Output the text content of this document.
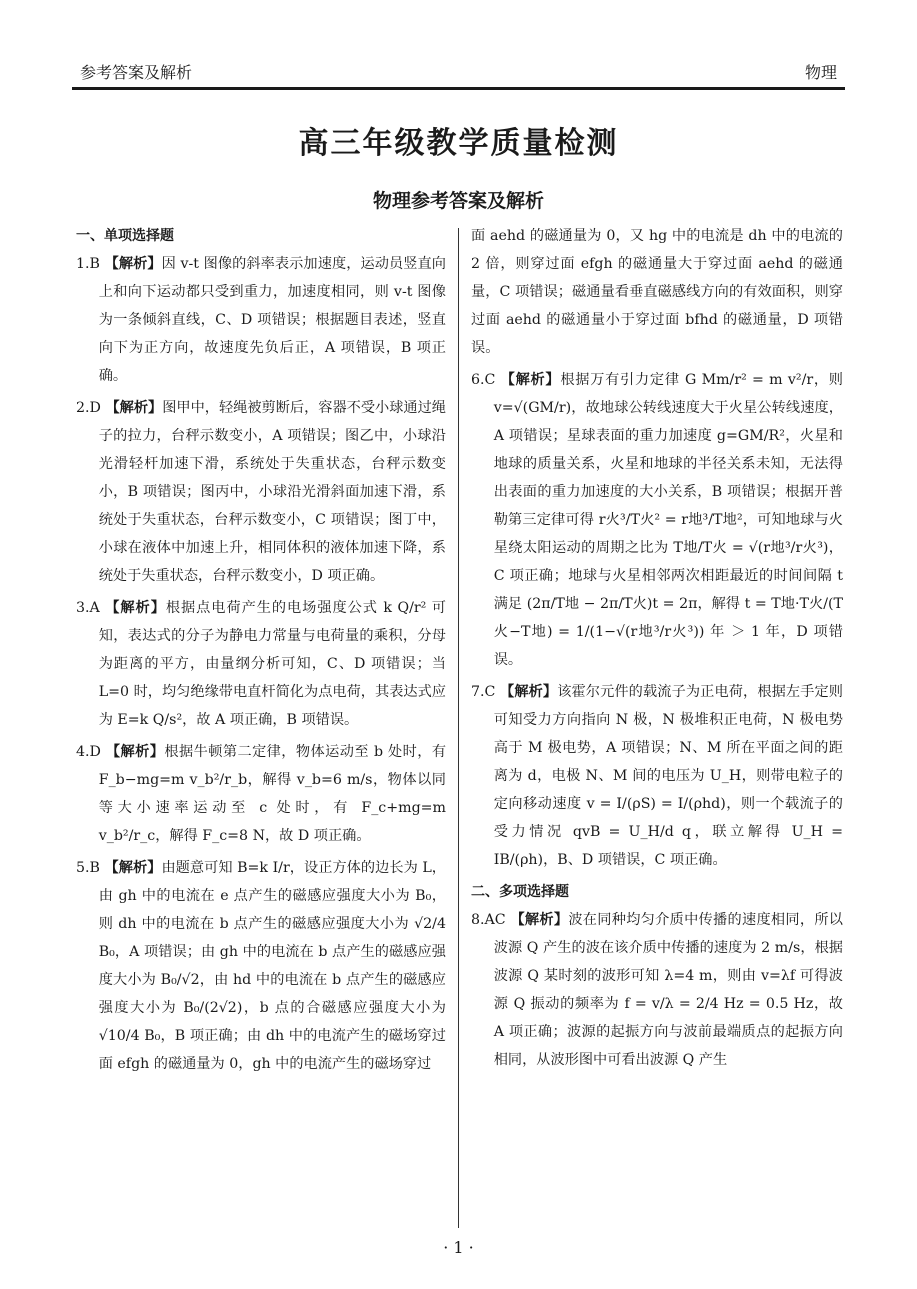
参考答案及解析	物理
高三年级教学质量检测
物理参考答案及解析

一、单项选择题

1.B 【解析】因 v-t 图像的斜率表示加速度，运动员竖直向上和向下运动都只受到重力，加速度相同，则 v-t 图像为一条倾斜直线，C、D 项错误；根据题目表述，竖直向下为正方向，故速度先负后正，A 项错误，B 项正确。

2.D 【解析】图甲中，轻绳被剪断后，容器不受小球通过绳子的拉力，台秤示数变小，A 项错误；图乙中，小球沿光滑轻杆加速下滑，系统处于失重状态，台秤示数变小，B 项错误；图丙中，小球沿光滑斜面加速下滑，系统处于失重状态，台秤示数变小，C 项错误；图丁中，小球在液体中加速上升，相同体积的液体加速下降，系统处于失重状态，台秤示数变小，D 项正确。

3.A 【解析】根据点电荷产生的电场强度公式 k Q/r² 可知，表达式的分子为静电力常量与电荷量的乘积，分母为距离的平方，由量纲分析可知，C、D 项错误；当 L=0 时，均匀绝缘带电直杆简化为点电荷，其表达式应为 E=k Q/s²，故 A 项正确，B 项错误。

4.D 【解析】根据牛顿第二定律，物体运动至 b 处时，有 F_b−mg=m v_b²/r_b，解得 v_b=6 m/s，物体以同等大小速率运动至 c 处时，有 F_c+mg=m v_b²/r_c，解得 F_c=8 N，故 D 项正确。

5.B 【解析】由题意可知 B=k I/r，设正方体的边长为 L，由 gh 中的电流在 e 点产生的磁感应强度大小为 B₀，则 dh 中的电流在 b 点产生的磁感应强度大小为 √2/4 B₀，A 项错误；由 gh 中的电流在 b 点产生的磁感应强度大小为 B₀/√2，由 hd 中的电流在 b 点产生的磁感应强度大小为 B₀/(2√2)，b 点的合磁感应强度大小为 √10/4 B₀，B 项正确；由 dh 中的电流产生的磁场穿过面 efgh 的磁通量为 0，gh 中的电流产生的磁场穿过

面 aehd 的磁通量为 0，又 hg 中的电流是 dh 中的电流的 2 倍，则穿过面 efgh 的磁通量大于穿过面 aehd 的磁通量，C 项错误；磁通量看垂直磁感线方向的有效面积，则穿过面 aehd 的磁通量小于穿过面 bfhd 的磁通量，D 项错误。

6.C 【解析】根据万有引力定律 G Mm/r² = m v²/r，则 v=√(GM/r)，故地球公转线速度大于火星公转线速度，A 项错误；星球表面的重力加速度 g=GM/R²，火星和地球的质量关系，火星和地球的半径关系未知，无法得出表面的重力加速度的大小关系，B 项错误；根据开普勒第三定律可得 r火³/T火² = r地³/T地²，可知地球与火星绕太阳运动的周期之比为 T地/T火 = √(r地³/r火³)，C 项正确；地球与火星相邻两次相距最近的时间间隔 t 满足 (2π/T地 − 2π/T火)t = 2π，解得 t = T地·T火/(T火−T地) = 1/(1−√(r地³/r火³)) 年 ＞ 1 年，D 项错误。

7.C 【解析】该霍尔元件的载流子为正电荷，根据左手定则可知受力方向指向 N 极，N 极堆积正电荷，N 极电势高于 M 极电势，A 项错误；N、M 所在平面之间的距离为 d，电极 N、M 间的电压为 U_H，则带电粒子的定向移动速度 v = I/(ρS) = I/(ρhd)，则一个载流子的受力情况 qvB = U_H/d q，联立解得 U_H = IB/(ρh)，B、D 项错误，C 项正确。

二、多项选择题

8.AC 【解析】波在同种均匀介质中传播的速度相同，所以波源 Q 产生的波在该介质中传播的速度为 2 m/s，根据波源 Q 某时刻的波形可知 λ=4 m，则由 v=λf 可得波源 Q 振动的频率为 f = v/λ = 2/4 Hz = 0.5 Hz，故 A 项正确；波源的起振方向与波前最端质点的起振方向相同，从波形图中可看出波源 Q 产生

· 1 ·
